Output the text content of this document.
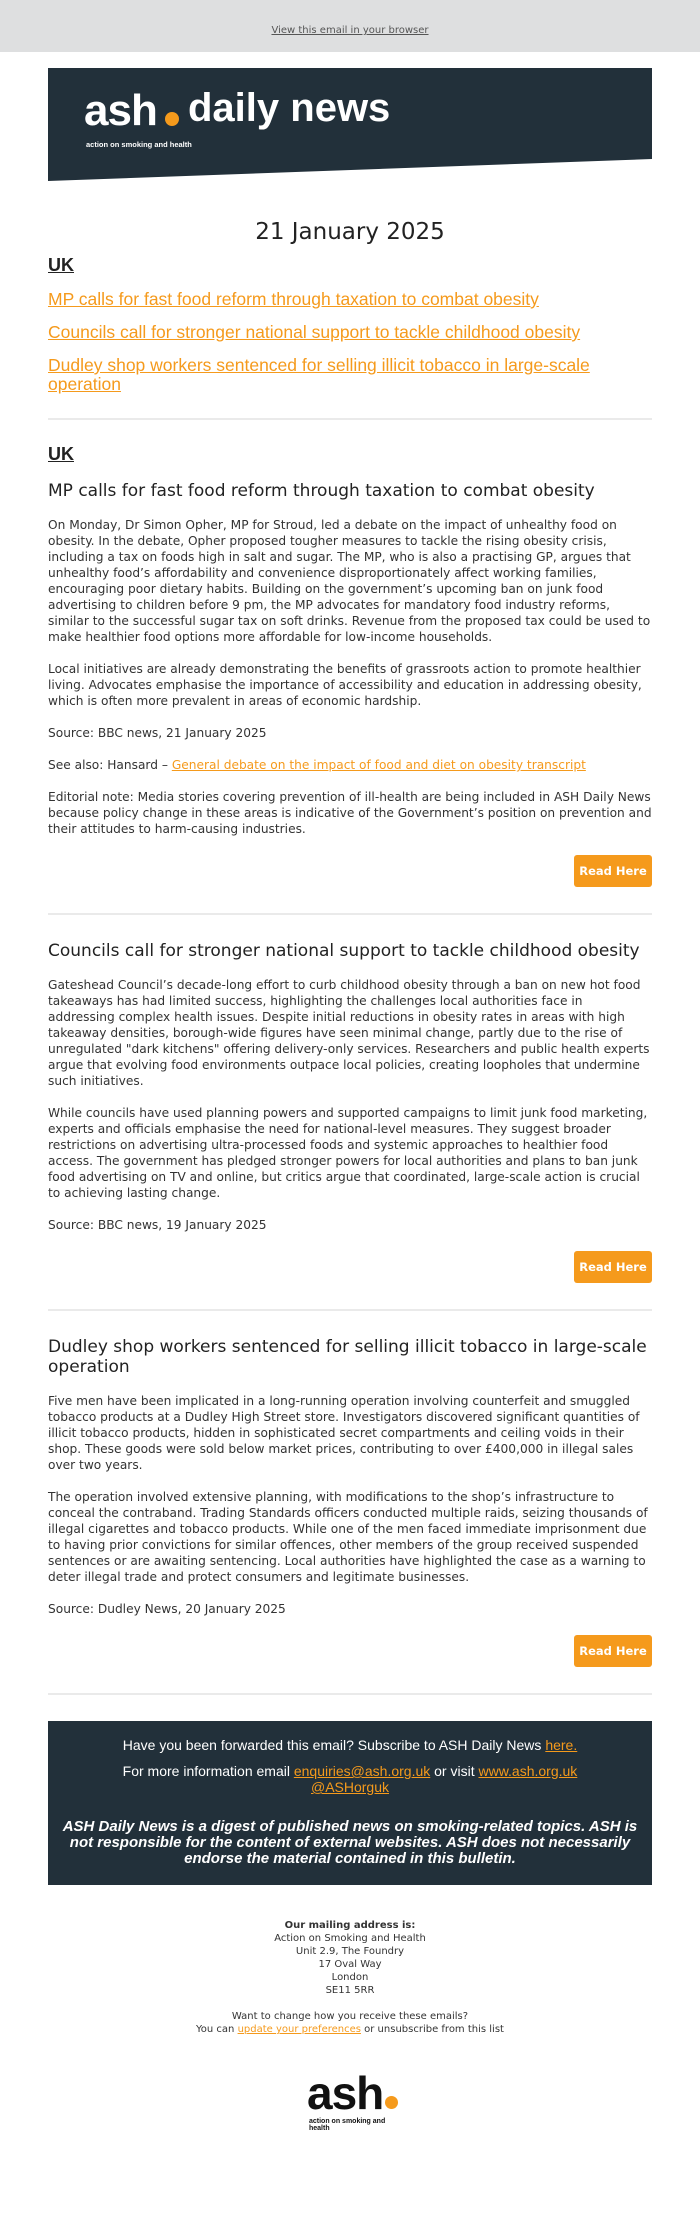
View this email in your browser
ash
action on smoking and health
daily news
21 January 2025
UK
MP calls for fast food reform through taxation to combat obesity
Councils call for stronger national support to tackle childhood obesity
Dudley shop workers sentenced for selling illicit tobacco in large-scale operation
UK
MP calls for fast food reform through taxation to combat obesity

On Monday, Dr Simon Opher, MP for Stroud, led a debate on the impact of unhealthy food on obesity. In the debate, Opher proposed tougher measures to tackle the rising obesity crisis, including a tax on foods high in salt and sugar. The MP, who is also a practising GP, argues that unhealthy food’s affordability and convenience disproportionately affect working families, encouraging poor dietary habits. Building on the government’s upcoming ban on junk food advertising to children before 9 pm, the MP advocates for mandatory food industry reforms, similar to the successful sugar tax on soft drinks. Revenue from the proposed tax could be used to make healthier food options more affordable for low-income households.

Local initiatives are already demonstrating the benefits of grassroots action to promote healthier living. Advocates emphasise the importance of accessibility and education in addressing obesity, which is often more prevalent in areas of economic hardship.

Source: BBC news, 21 January 2025

See also: Hansard – General debate on the impact of food and diet on obesity transcript

Editorial note: Media stories covering prevention of ill-health are being included in ASH Daily News because policy change in these areas is indicative of the Government’s position on prevention and their attitudes to harm-causing industries.

Read Here
Councils call for stronger national support to tackle childhood obesity

Gateshead Council’s decade-long effort to curb childhood obesity through a ban on new hot food takeaways has had limited success, highlighting the challenges local authorities face in addressing complex health issues. Despite initial reductions in obesity rates in areas with high takeaway densities, borough-wide figures have seen minimal change, partly due to the rise of unregulated "dark kitchens" offering delivery-only services. Researchers and public health experts argue that evolving food environments outpace local policies, creating loopholes that undermine such initiatives.

While councils have used planning powers and supported campaigns to limit junk food marketing, experts and officials emphasise the need for national-level measures. They suggest broader restrictions on advertising ultra-processed foods and systemic approaches to healthier food access. The government has pledged stronger powers for local authorities and plans to ban junk food advertising on TV and online, but critics argue that coordinated, large-scale action is crucial to achieving lasting change.

Source: BBC news, 19 January 2025

Read Here
Dudley shop workers sentenced for selling illicit tobacco in large-scale operation

Five men have been implicated in a long-running operation involving counterfeit and smuggled tobacco products at a Dudley High Street store. Investigators discovered significant quantities of illicit tobacco products, hidden in sophisticated secret compartments and ceiling voids in their shop. These goods were sold below market prices, contributing to over £400,000 in illegal sales over two years.

The operation involved extensive planning, with modifications to the shop’s infrastructure to conceal the contraband. Trading Standards officers conducted multiple raids, seizing thousands of illegal cigarettes and tobacco products. While one of the men faced immediate imprisonment due to having prior convictions for similar offences, other members of the group received suspended sentences or are awaiting sentencing. Local authorities have highlighted the case as a warning to deter illegal trade and protect consumers and legitimate businesses.

Source: Dudley News, 20 January 2025

Read Here
Have you been forwarded this email? Subscribe to ASH Daily News here.
For more information email enquiries@ash.org.uk or visit www.ash.org.uk
@ASHorguk
ASH Daily News is a digest of published news on smoking-related topics. ASH is not responsible for the content of external websites. ASH does not necessarily endorse the material contained in this bulletin.
Our mailing address is:
Action on Smoking and Health
Unit 2.9, The Foundry
17 Oval Way
London
SE11 5RR
Want to change how you receive these emails?
You can update your preferences or unsubscribe from this list
ash
action on smoking and health
